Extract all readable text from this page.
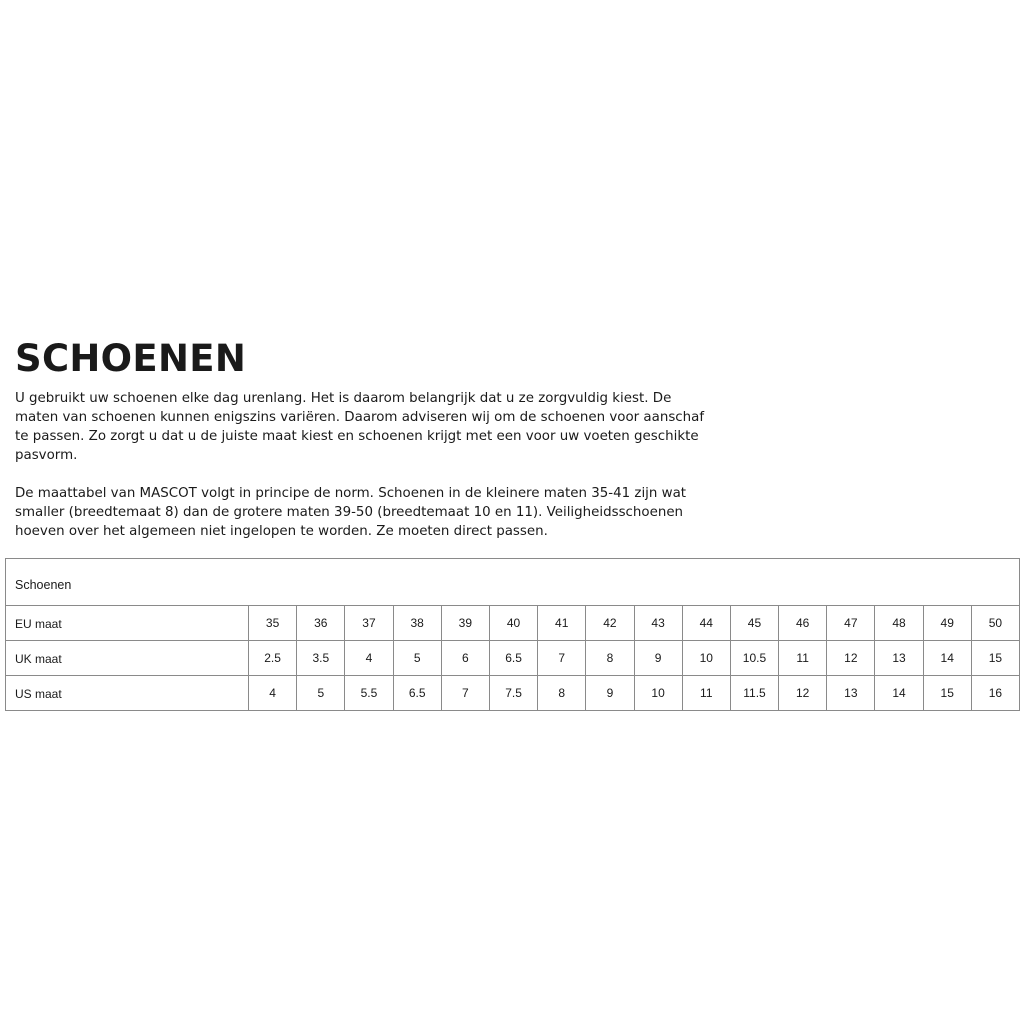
SCHOENEN

U gebruikt uw schoenen elke dag urenlang. Het is daarom belangrijk dat u ze zorgvuldig kiest. De maten van schoenen kunnen enigszins variëren. Daarom adviseren wij om de schoenen voor aanschaf te passen. Zo zorgt u dat u de juiste maat kiest en schoenen krijgt met een voor uw voeten geschikte pasvorm.

De maattabel van MASCOT volgt in principe de norm. Schoenen in de kleinere maten 35-41 zijn wat smaller (breedtemaat 8) dan de grotere maten 39-50 (breedtemaat 10 en 11). Veiligheidsschoenen hoeven over het algemeen niet ingelopen te worden. Ze moeten direct passen.

Schoenen																
EU maat	35	36	37	38	39	40	41	42	43	44	45	46	47	48	49	50
UK maat	2.5	3.5	4	5	6	6.5	7	8	9	10	10.5	11	12	13	14	15
US maat	4	5	5.5	6.5	7	7.5	8	9	10	11	11.5	12	13	14	15	16
